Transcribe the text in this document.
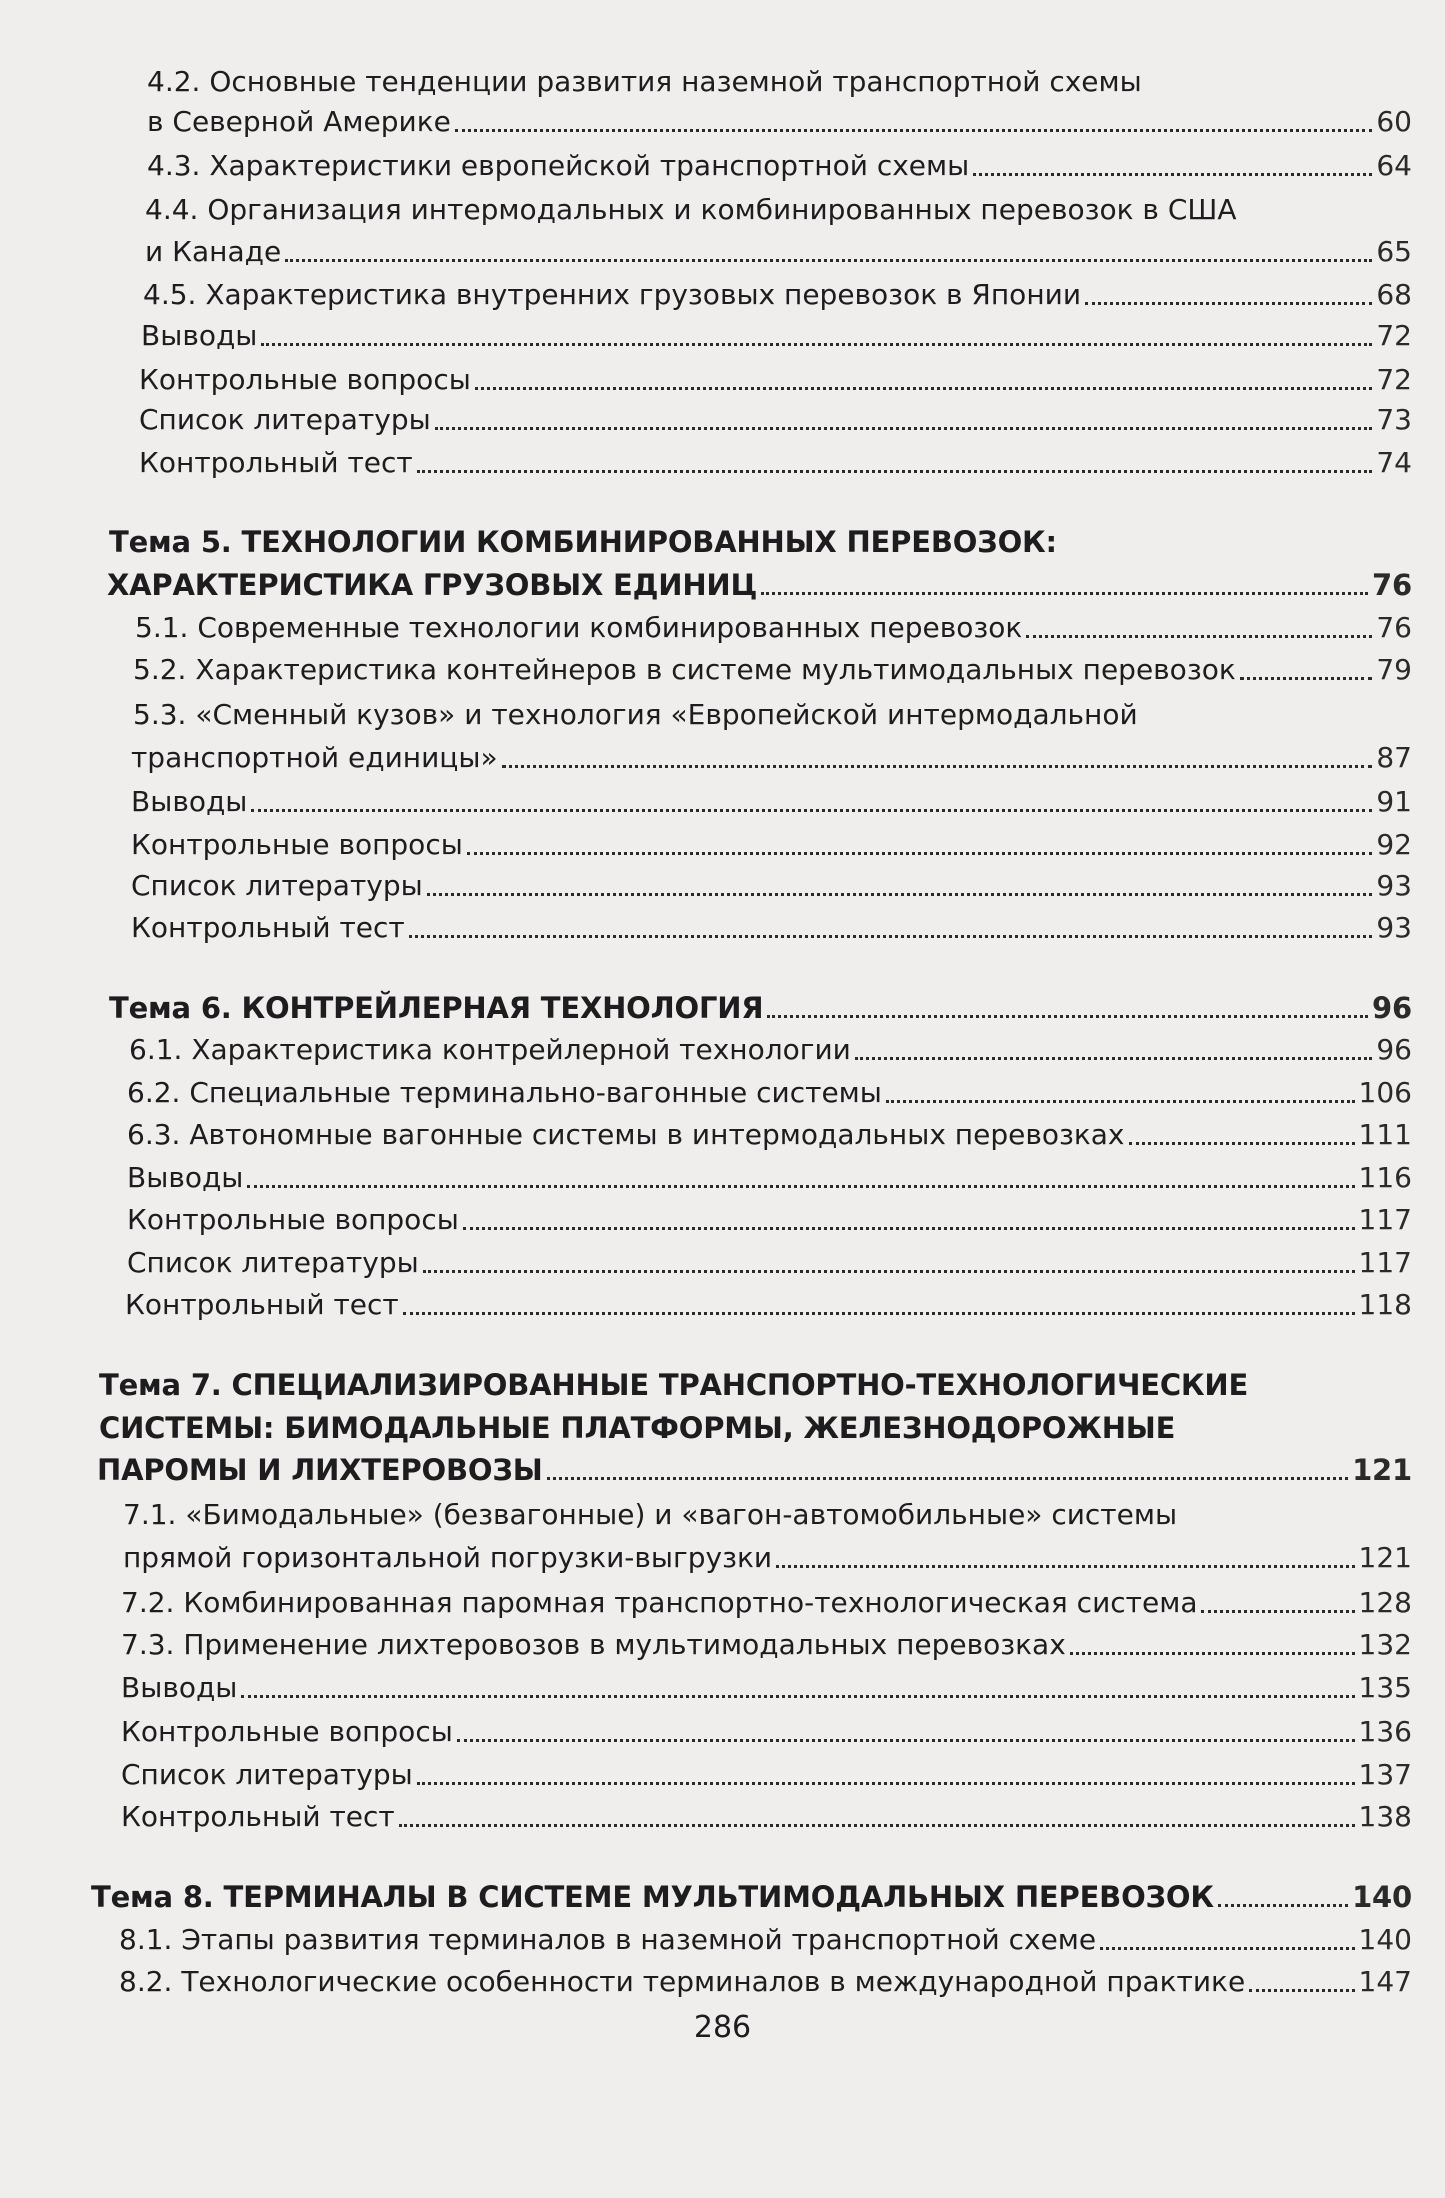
4.2. Основные тенденции развития наземной транспортной схемы
в Северной Америке	60
4.3. Характеристики европейской транспортной схемы	64
4.4. Организация интермодальных и комбинированных перевозок в США
и Канаде	65
4.5. Характеристика внутренних грузовых перевозок в Японии	68
Выводы	72
Контрольные вопросы	72
Список литературы	73
Контрольный тест	74
Тема 5. ТЕХНОЛОГИИ КОМБИНИРОВАННЫХ ПЕРЕВОЗОК:
ХАРАКТЕРИСТИКА ГРУЗОВЫХ ЕДИНИЦ	76
5.1. Современные технологии комбинированных перевозок	76
5.2. Характеристика контейнеров в системе мультимодальных перевозок	79
5.3. «Сменный кузов» и технология «Европейской интермодальной
транспортной единицы»	87
Выводы	91
Контрольные вопросы	92
Список литературы	93
Контрольный тест	93
Тема 6. КОНТРЕЙЛЕРНАЯ ТЕХНОЛОГИЯ	96
6.1. Характеристика контрейлерной технологии	96
6.2. Специальные терминально-вагонные системы	106
6.3. Автономные вагонные системы в интермодальных перевозках	111
Выводы	116
Контрольные вопросы	117
Список литературы	117
Контрольный тест	118
Тема 7. СПЕЦИАЛИЗИРОВАННЫЕ ТРАНСПОРТНО-ТЕХНОЛОГИЧЕСКИЕ
СИСТЕМЫ: БИМОДАЛЬНЫЕ ПЛАТФОРМЫ, ЖЕЛЕЗНОДОРОЖНЫЕ
ПАРОМЫ И ЛИХТЕРОВОЗЫ	121
7.1. «Бимодальные» (безвагонные) и «вагон-автомобильные» системы
прямой горизонтальной погрузки-выгрузки	121
7.2. Комбинированная паромная транспортно-технологическая система	128
7.3. Применение лихтеровозов в мультимодальных перевозках	132
Выводы	135
Контрольные вопросы	136
Список литературы	137
Контрольный тест	138
Тема 8. ТЕРМИНАЛЫ В СИСТЕМЕ МУЛЬТИМОДАЛЬНЫХ ПЕРЕВОЗОК	140
8.1. Этапы развития терминалов в наземной транспортной схеме	140
8.2. Технологические особенности терминалов в международной практике	147
286
